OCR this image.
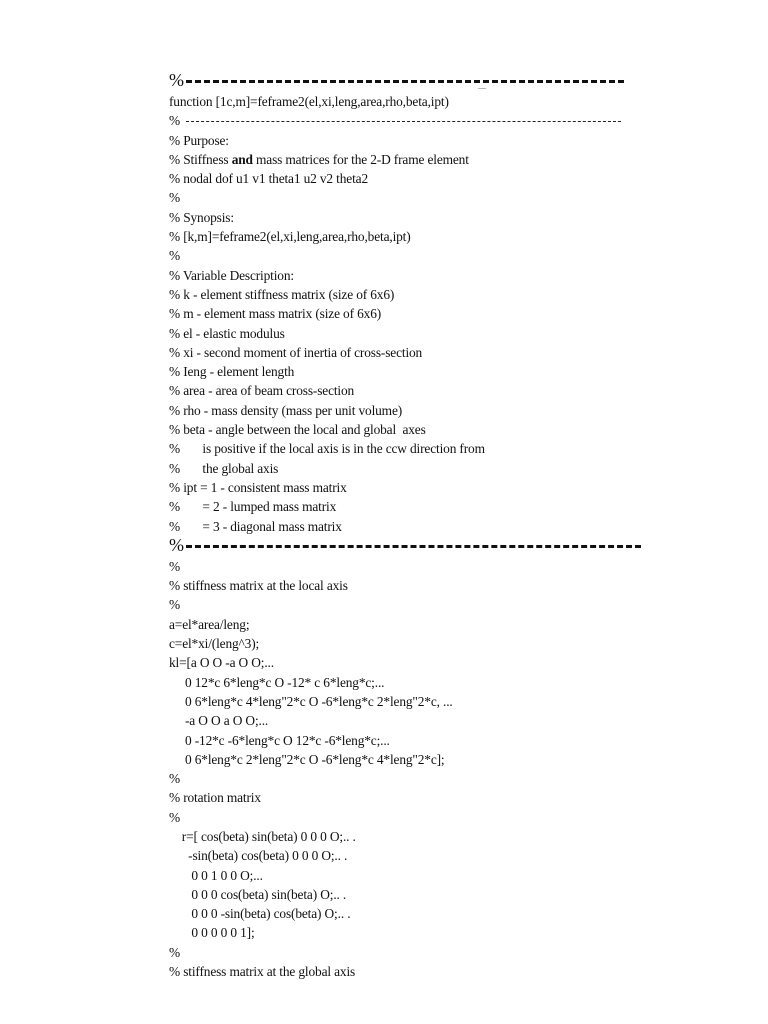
%	....
function [1c,m]=feframe2(el,xi,leng,area,rho,beta,ipt)
%
% Purpose:
% Stiffness and mass matrices for the 2-D frame element
% nodal dof u1 v1 theta1 u2 v2 theta2
%
% Synopsis:
% [k,m]=feframe2(el,xi,leng,area,rho,beta,ipt)
%
% Variable Description:
% k - element stiffness matrix (size of 6x6)
% m - element mass matrix (size of 6x6)
% el - elastic modulus
% xi - second moment of inertia of cross-section
% Ieng - element length
% area - area of beam cross-section
% rho - mass density (mass per unit volume)
% beta - angle between the local and global  axes
%       is positive if the local axis is in the ccw direction from
%       the global axis
% ipt = 1 - consistent mass matrix
%       = 2 - lumped mass matrix
%       = 3 - diagonal mass matrix
%
%
% stiffness matrix at the local axis
%
a=el*area/leng;
c=el*xi/(leng^3);
kl=[a O O -a O O;...
0 12*c 6*leng*c O -12* c 6*leng*c;...
0 6*leng*c 4*leng"2*c O -6*leng*c 2*leng"2*c, ...
-a O O a O O;...
0 -12*c -6*leng*c O 12*c -6*leng*c;...
0 6*leng*c 2*leng"2*c O -6*leng*c 4*leng"2*c];
%
% rotation matrix
%
r=[ cos(beta) sin(beta) 0 0 0 O;.. .
-sin(beta) cos(beta) 0 0 0 O;.. .
0 0 1 0 0 O;...
0 0 0 cos(beta) sin(beta) O;.. .
0 0 0 -sin(beta) cos(beta) O;.. .
0 0 0 0 0 1];
%
% stiffness matrix at the global axis
